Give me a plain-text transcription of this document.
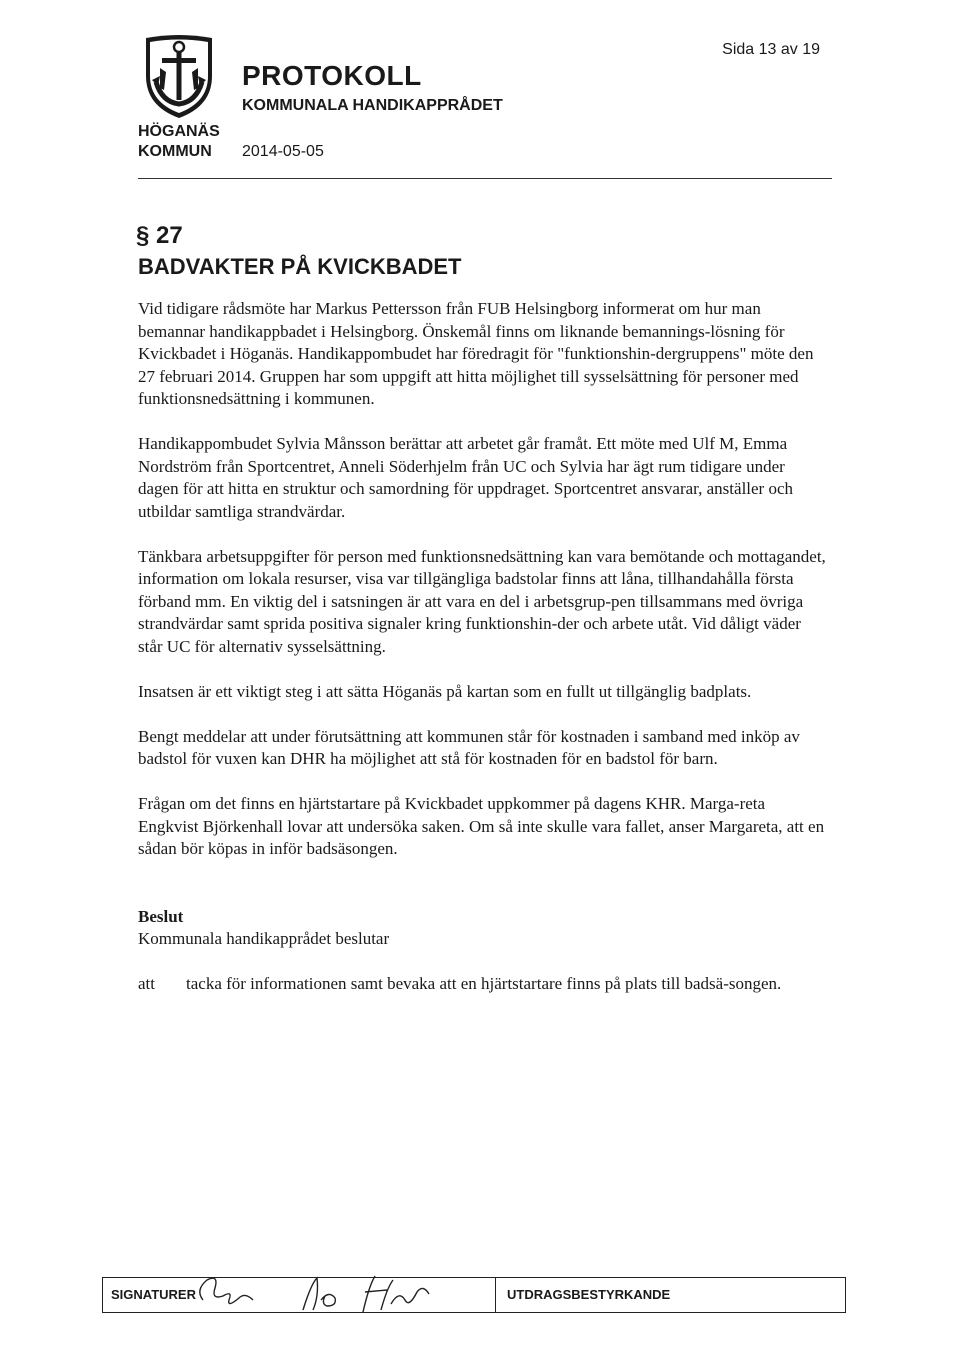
HÖGANÄS
KOMMUN
PROTOKOLL
KOMMUNALA HANDIKAPPRÅDET
2014-05-05
Sida 13 av 19
§ 27
BADVAKTER PÅ KVICKBADET

Vid tidigare rådsmöte har Markus Pettersson från FUB Helsingborg informerat om hur man bemannar handikappbadet i Helsingborg. Önskemål finns om liknande bemannings-lösning för Kvickbadet i Höganäs. Handikappombudet har föredragit för "funktionshin-dergruppens" möte den 27 februari 2014. Gruppen har som uppgift att hitta möjlighet till sysselsättning för personer med funktionsnedsättning i kommunen.

Handikappombudet Sylvia Månsson berättar att arbetet går framåt. Ett möte med Ulf M, Emma Nordström från Sportcentret, Anneli Söderhjelm från UC och Sylvia har ägt rum tidigare under dagen för att hitta en struktur och samordning för uppdraget. Sportcentret ansvarar, anställer och utbildar samtliga strandvärdar.

Tänkbara arbetsuppgifter för person med funktionsnedsättning kan vara bemötande och mottagandet, information om lokala resurser, visa var tillgängliga badstolar finns att låna, tillhandahålla första förband mm. En viktig del i satsningen är att vara en del i arbetsgrup-pen tillsammans med övriga strandvärdar samt sprida positiva signaler kring funktionshin-der och arbete utåt. Vid dåligt väder står UC för alternativ sysselsättning.

Insatsen är ett viktigt steg i att sätta Höganäs på kartan som en fullt ut tillgänglig badplats.

Bengt meddelar att under förutsättning att kommunen står för kostnaden i samband med inköp av badstol för vuxen kan DHR ha möjlighet att stå för kostnaden för en badstol för barn.

Frågan om det finns en hjärtstartare på Kvickbadet uppkommer på dagens KHR. Marga-reta Engkvist Björkenhall lovar att undersöka saken. Om så inte skulle vara fallet, anser Margareta, att en sådan bör köpas in inför badsäsongen.

Beslut

Kommunala handikapprådet beslutar

att tacka för informationen samt bevaka att en hjärtstartare finns på plats till badsä-songen.

SIGNATURER	UTDRAGSBESTYRKANDE
